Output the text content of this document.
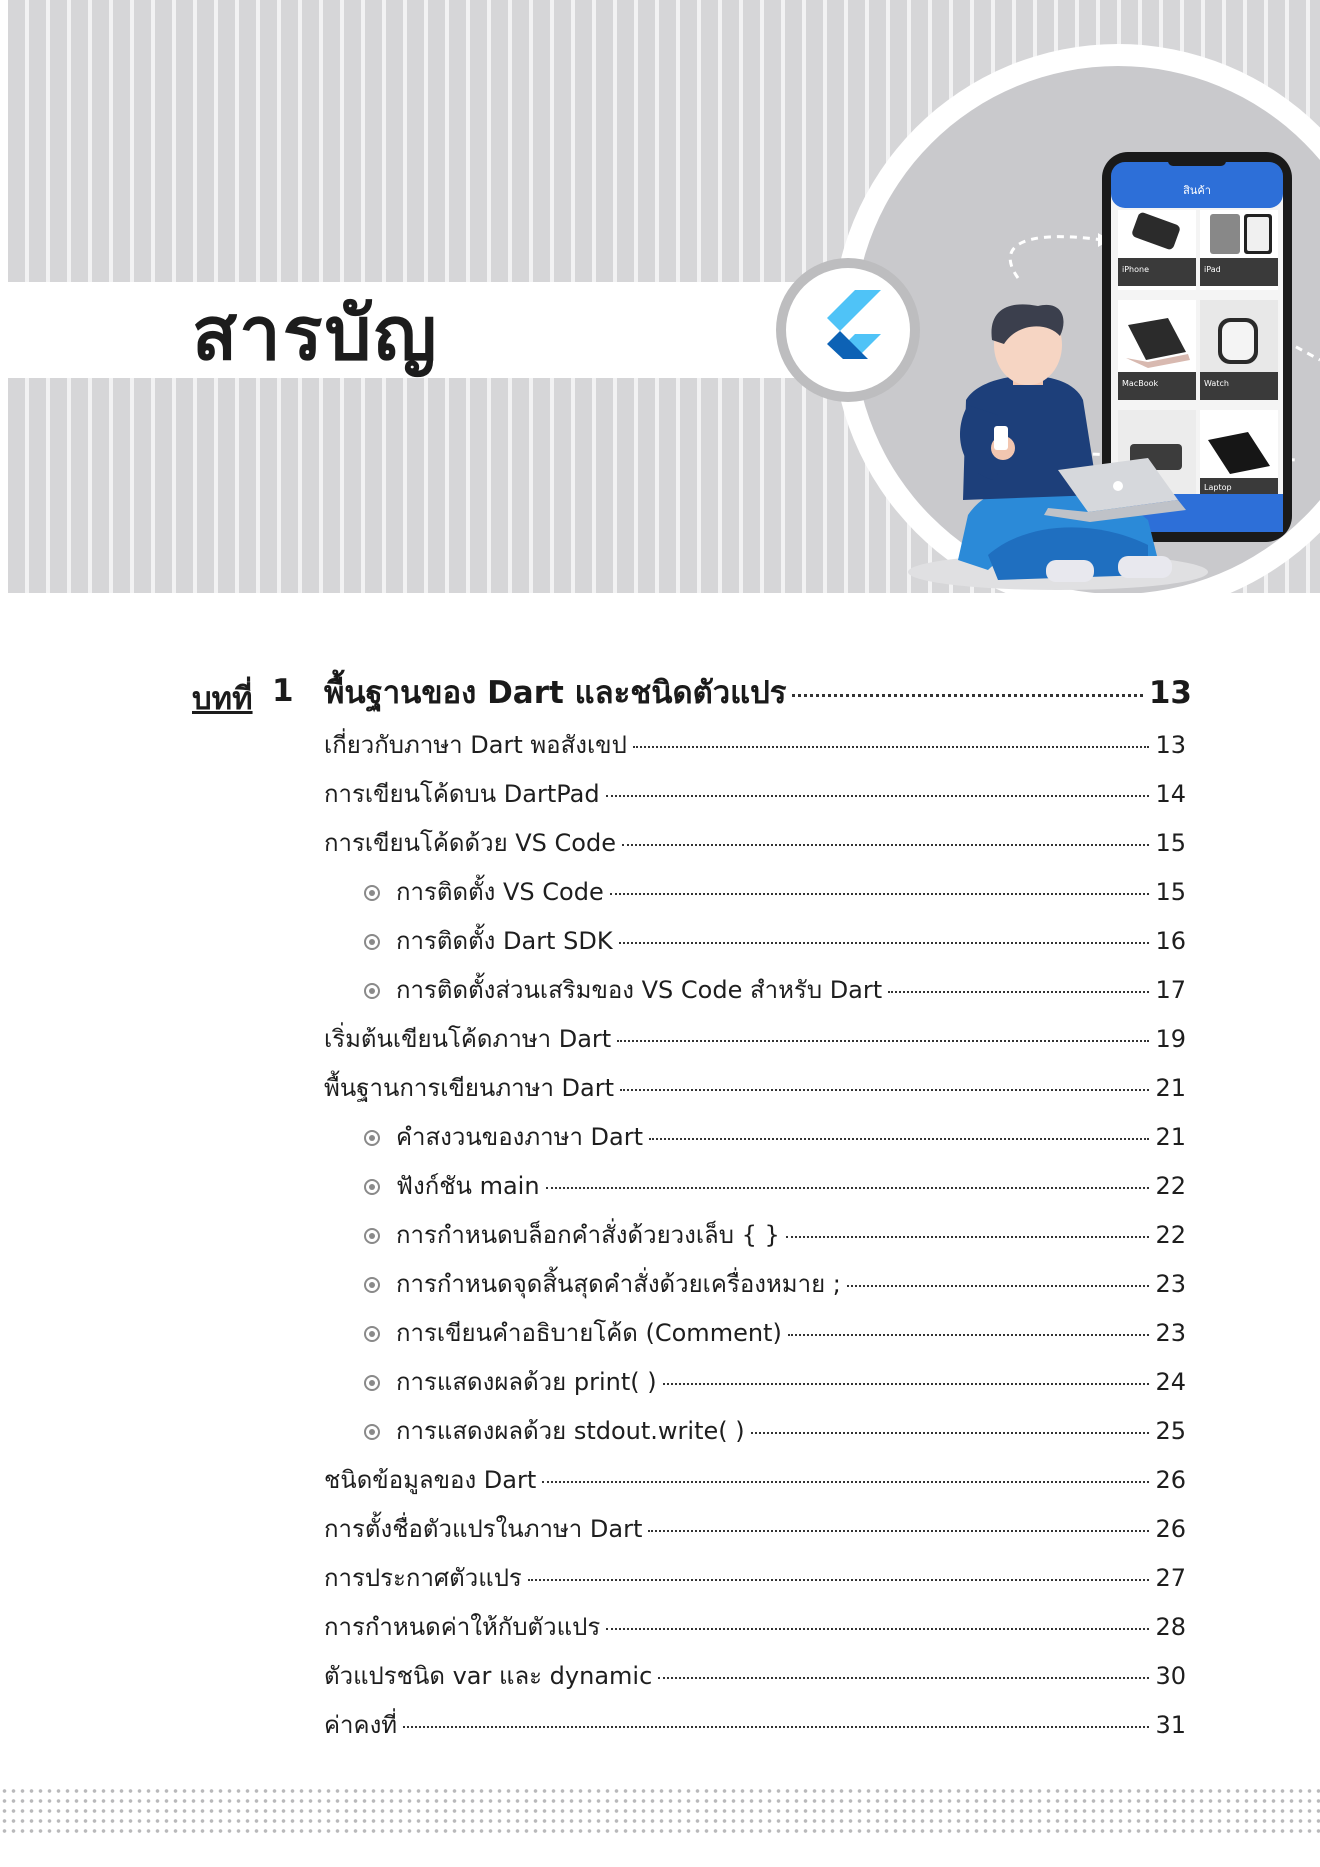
สารบัญ
สินค้า
iPhone	iPad
MacBook	Watch
Laptop
บทที่ 1 พื้นฐานของ Dart และชนิดตัวแปร	13
เกี่ยวกับภาษา Dart พอสังเขป	13
การเขียนโค้ดบน DartPad	14
การเขียนโค้ดด้วย VS Code	15
การติดตั้ง VS Code	15
การติดตั้ง Dart SDK	16
การติดตั้งส่วนเสริมของ VS Code สำหรับ Dart	17
เริ่มต้นเขียนโค้ดภาษา Dart	19
พื้นฐานการเขียนภาษา Dart	21
คำสงวนของภาษา Dart	21
ฟังก์ชัน main	22
การกำหนดบล็อกคำสั่งด้วยวงเล็บ { }	22
การกำหนดจุดสิ้นสุดคำสั่งด้วยเครื่องหมาย ;	23
การเขียนคำอธิบายโค้ด (Comment)	23
การแสดงผลด้วย print( )	24
การแสดงผลด้วย stdout.write( )	25
ชนิดข้อมูลของ Dart	26
การตั้งชื่อตัวแปรในภาษา Dart	26
การประกาศตัวแปร	27
การกำหนดค่าให้กับตัวแปร	28
ตัวแปรชนิด var และ dynamic	30
ค่าคงที่	31
